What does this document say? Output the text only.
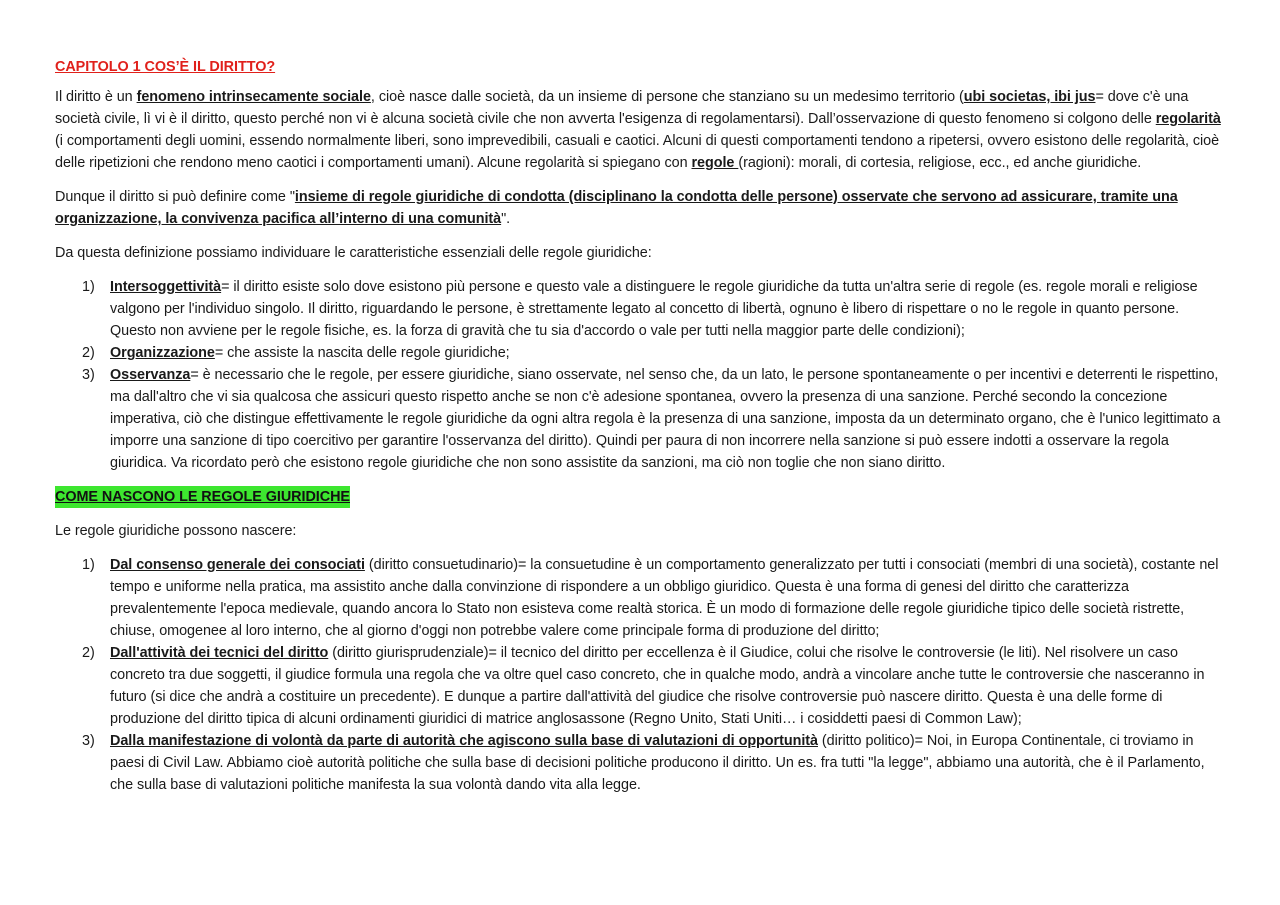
CAPITOLO 1 COS’È IL DIRITTO?

Il diritto è un fenomeno intrinsecamente sociale, cioè nasce dalle società, da un insieme di persone che stanziano su un medesimo territorio (ubi societas, ibi jus= dove c'è una società civile, lì vi è il diritto, questo perché non vi è alcuna società civile che non avverta l'esigenza di regolamentarsi). Dall’osservazione di questo fenomeno si colgono delle regolarità (i comportamenti degli uomini, essendo normalmente liberi, sono imprevedibili, casuali e caotici. Alcuni di questi comportamenti tendono a ripetersi, ovvero esistono delle regolarità, cioè delle ripetizioni che rendono meno caotici i comportamenti umani). Alcune regolarità si spiegano con regole (ragioni): morali, di cortesia, religiose, ecc., ed anche giuridiche.

Dunque il diritto si può definire come "insieme di regole giuridiche di condotta (disciplinano la condotta delle persone) osservate che servono ad assicurare, tramite una organizzazione, la convivenza pacifica all’interno di una comunità".

Da questa definizione possiamo individuare le caratteristiche essenziali delle regole giuridiche:

1) Intersoggettività= il diritto esiste solo dove esistono più persone e questo vale a distinguere le regole giuridiche da tutta un'altra serie di regole (es. regole morali e religiose valgono per l'individuo singolo. Il diritto, riguardando le persone, è strettamente legato al concetto di libertà, ognuno è libero di rispettare o no le regole in quanto persone. Questo non avviene per le regole fisiche, es. la forza di gravità che tu sia d'accordo o vale per tutti nella maggior parte delle condizioni);
2) Organizzazione= che assiste la nascita delle regole giuridiche;
3) Osservanza= è necessario che le regole, per essere giuridiche, siano osservate, nel senso che, da un lato, le persone spontaneamente o per incentivi e deterrenti le rispettino, ma dall'altro che vi sia qualcosa che assicuri questo rispetto anche se non c'è adesione spontanea, ovvero la presenza di una sanzione. Perché secondo la concezione imperativa, ciò che distingue effettivamente le regole giuridiche da ogni altra regola è la presenza di una sanzione, imposta da un determinato organo, che è l'unico legittimato a imporre una sanzione di tipo coercitivo per garantire l'osservanza del diritto). Quindi per paura di non incorrere nella sanzione si può essere indotti a osservare la regola giuridica. Va ricordato però che esistono regole giuridiche che non sono assistite da sanzioni, ma ciò non toglie che non siano diritto.

COME NASCONO LE REGOLE GIURIDICHE

Le regole giuridiche possono nascere:

1) Dal consenso generale dei consociati (diritto consuetudinario)= la consuetudine è un comportamento generalizzato per tutti i consociati (membri di una società), costante nel tempo e uniforme nella pratica, ma assistito anche dalla convinzione di rispondere a un obbligo giuridico. Questa è una forma di genesi del diritto che caratterizza prevalentemente l'epoca medievale, quando ancora lo Stato non esisteva come realtà storica. È un modo di formazione delle regole giuridiche tipico delle società ristrette, chiuse, omogenee al loro interno, che al giorno d'oggi non potrebbe valere come principale forma di produzione del diritto;
2) Dall'attività dei tecnici del diritto (diritto giurisprudenziale)= il tecnico del diritto per eccellenza è il Giudice, colui che risolve le controversie (le liti). Nel risolvere un caso concreto tra due soggetti, il giudice formula una regola che va oltre quel caso concreto, che in qualche modo, andrà a vincolare anche tutte le controversie che nasceranno in futuro (si dice che andrà a costituire un precedente). E dunque a partire dall'attività del giudice che risolve controversie può nascere diritto. Questa è una delle forme di produzione del diritto tipica di alcuni ordinamenti giuridici di matrice anglosassone (Regno Unito, Stati Uniti… i cosiddetti paesi di Common Law);
3) Dalla manifestazione di volontà da parte di autorità che agiscono sulla base di valutazioni di opportunità (diritto politico)= Noi, in Europa Continentale, ci troviamo in paesi di Civil Law. Abbiamo cioè autorità politiche che sulla base di decisioni politiche producono il diritto. Un es. fra tutti "la legge", abbiamo una autorità, che è il Parlamento, che sulla base di valutazioni politiche manifesta la sua volontà dando vita alla legge.
